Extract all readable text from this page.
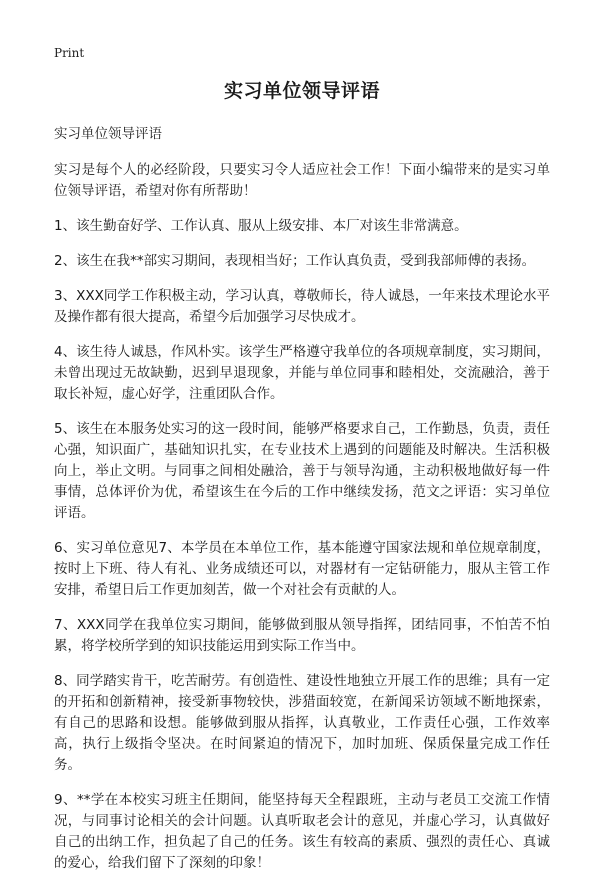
Print
实习单位领导评语

实习单位领导评语

实习是每个人的必经阶段，只要实习令人适应社会工作！下面小编带来的是实习单位领导评语，希望对你有所帮助！

1、该生勤奋好学、工作认真、服从上级安排、本厂对该生非常满意。

2、该生在我**部实习期间，表现相当好；工作认真负责，受到我部师傅的表扬。

3、XXX同学工作积极主动，学习认真，尊敬师长，待人诚恳，一年来技术理论水平及操作都有很大提高，希望今后加强学习尽快成才。

4、该生待人诚恳，作风朴实。该学生严格遵守我单位的各项规章制度，实习期间，未曾出现过无故缺勤，迟到早退现象，并能与单位同事和睦相处，交流融洽，善于取长补短，虚心好学，注重团队合作。

5、该生在本服务处实习的这一段时间，能够严格要求自己，工作勤恳，负责，责任心强，知识面广，基础知识扎实，在专业技术上遇到的问题能及时解决。生活积极向上，举止文明。与同事之间相处融洽，善于与领导沟通，主动积极地做好每一件事情，总体评价为优，希望该生在今后的工作中继续发扬，范文之评语：实习单位评语。

6、实习单位意见7、本学员在本单位工作，基本能遵守国家法规和单位规章制度，按时上下班、待人有礼、业务成绩还可以，对器材有一定钻研能力，服从主管工作安排，希望日后工作更加刻苦，做一个对社会有贡献的人。

7、XXX同学在我单位实习期间，能够做到服从领导指挥，团结同事，不怕苦不怕累，将学校所学到的知识技能运用到实际工作当中。

8、同学踏实肯干，吃苦耐劳。有创造性、建设性地独立开展工作的思维；具有一定的开拓和创新精神，接受新事物较快，涉猎面较宽，在新闻采访领域不断地探索，有自己的思路和设想。能够做到服从指挥，认真敬业，工作责任心强，工作效率高，执行上级指令坚决。在时间紧迫的情况下，加时加班、保质保量完成工作任务。

9、**学在本校实习班主任期间，能坚持每天全程跟班，主动与老员工交流工作情况，与同事讨论相关的会计问题。认真听取老会计的意见，并虚心学习，认真做好自己的出纳工作，担负起了自己的任务。该生有较高的素质、强烈的责任心、真诚的爱心，给我们留下了深刻的印象！
